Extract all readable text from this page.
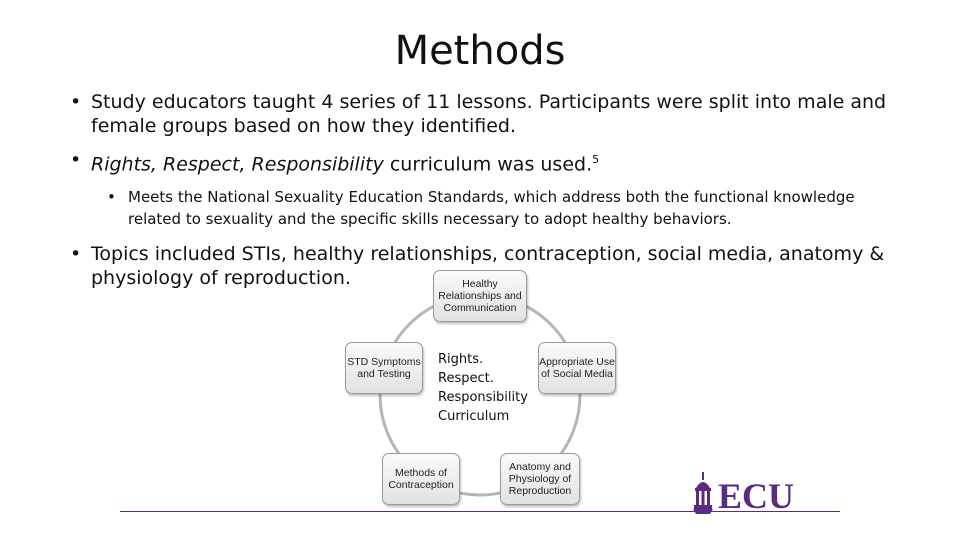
Methods
• Study educators taught 4 series of 11 lessons. Participants were split into male and female groups based on how they identified.
• Rights, Respect, Responsibility curriculum was used.$^5$
• Meets the National Sexuality Education Standards, which address both the functional knowledge related to sexuality and the specific skills necessary to adopt healthy behaviors.
• Topics included STIs, healthy relationships, contraception, social media, anatomy & physiology of reproduction.	Healthy Relationships and Communication
Appropriate Use of Social Media
Anatomy and Physiology of Reproduction
Methods of Contraception
STD Symptoms and Testing
Rights.
Respect.
Responsibility
Curriculum
ECU
